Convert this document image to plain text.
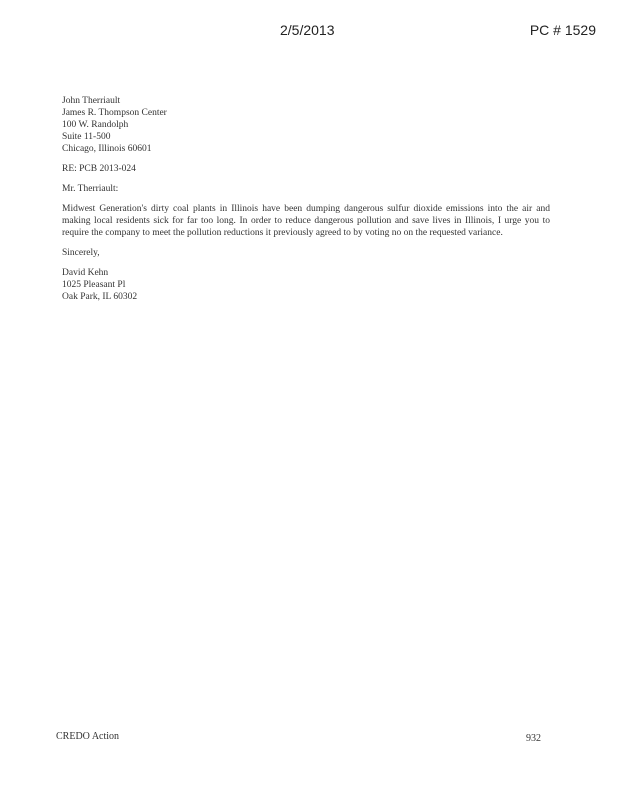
2/5/2013	PC # 1529
John Therriault
James R. Thompson Center
100 W. Randolph
Suite 11-500
Chicago, Illinois 60601
RE: PCB 2013-024
Mr. Therriault:

Midwest Generation's dirty coal plants in Illinois have been dumping dangerous sulfur dioxide emissions into the air and making local residents sick for far too long. In order to reduce dangerous pollution and save lives in Illinois, I urge you to require the company to meet the pollution reductions it previously agreed to by voting no on the requested variance.

Sincerely,
David Kehn
1025 Pleasant Pl
Oak Park, IL 60302
CREDO Action	932
